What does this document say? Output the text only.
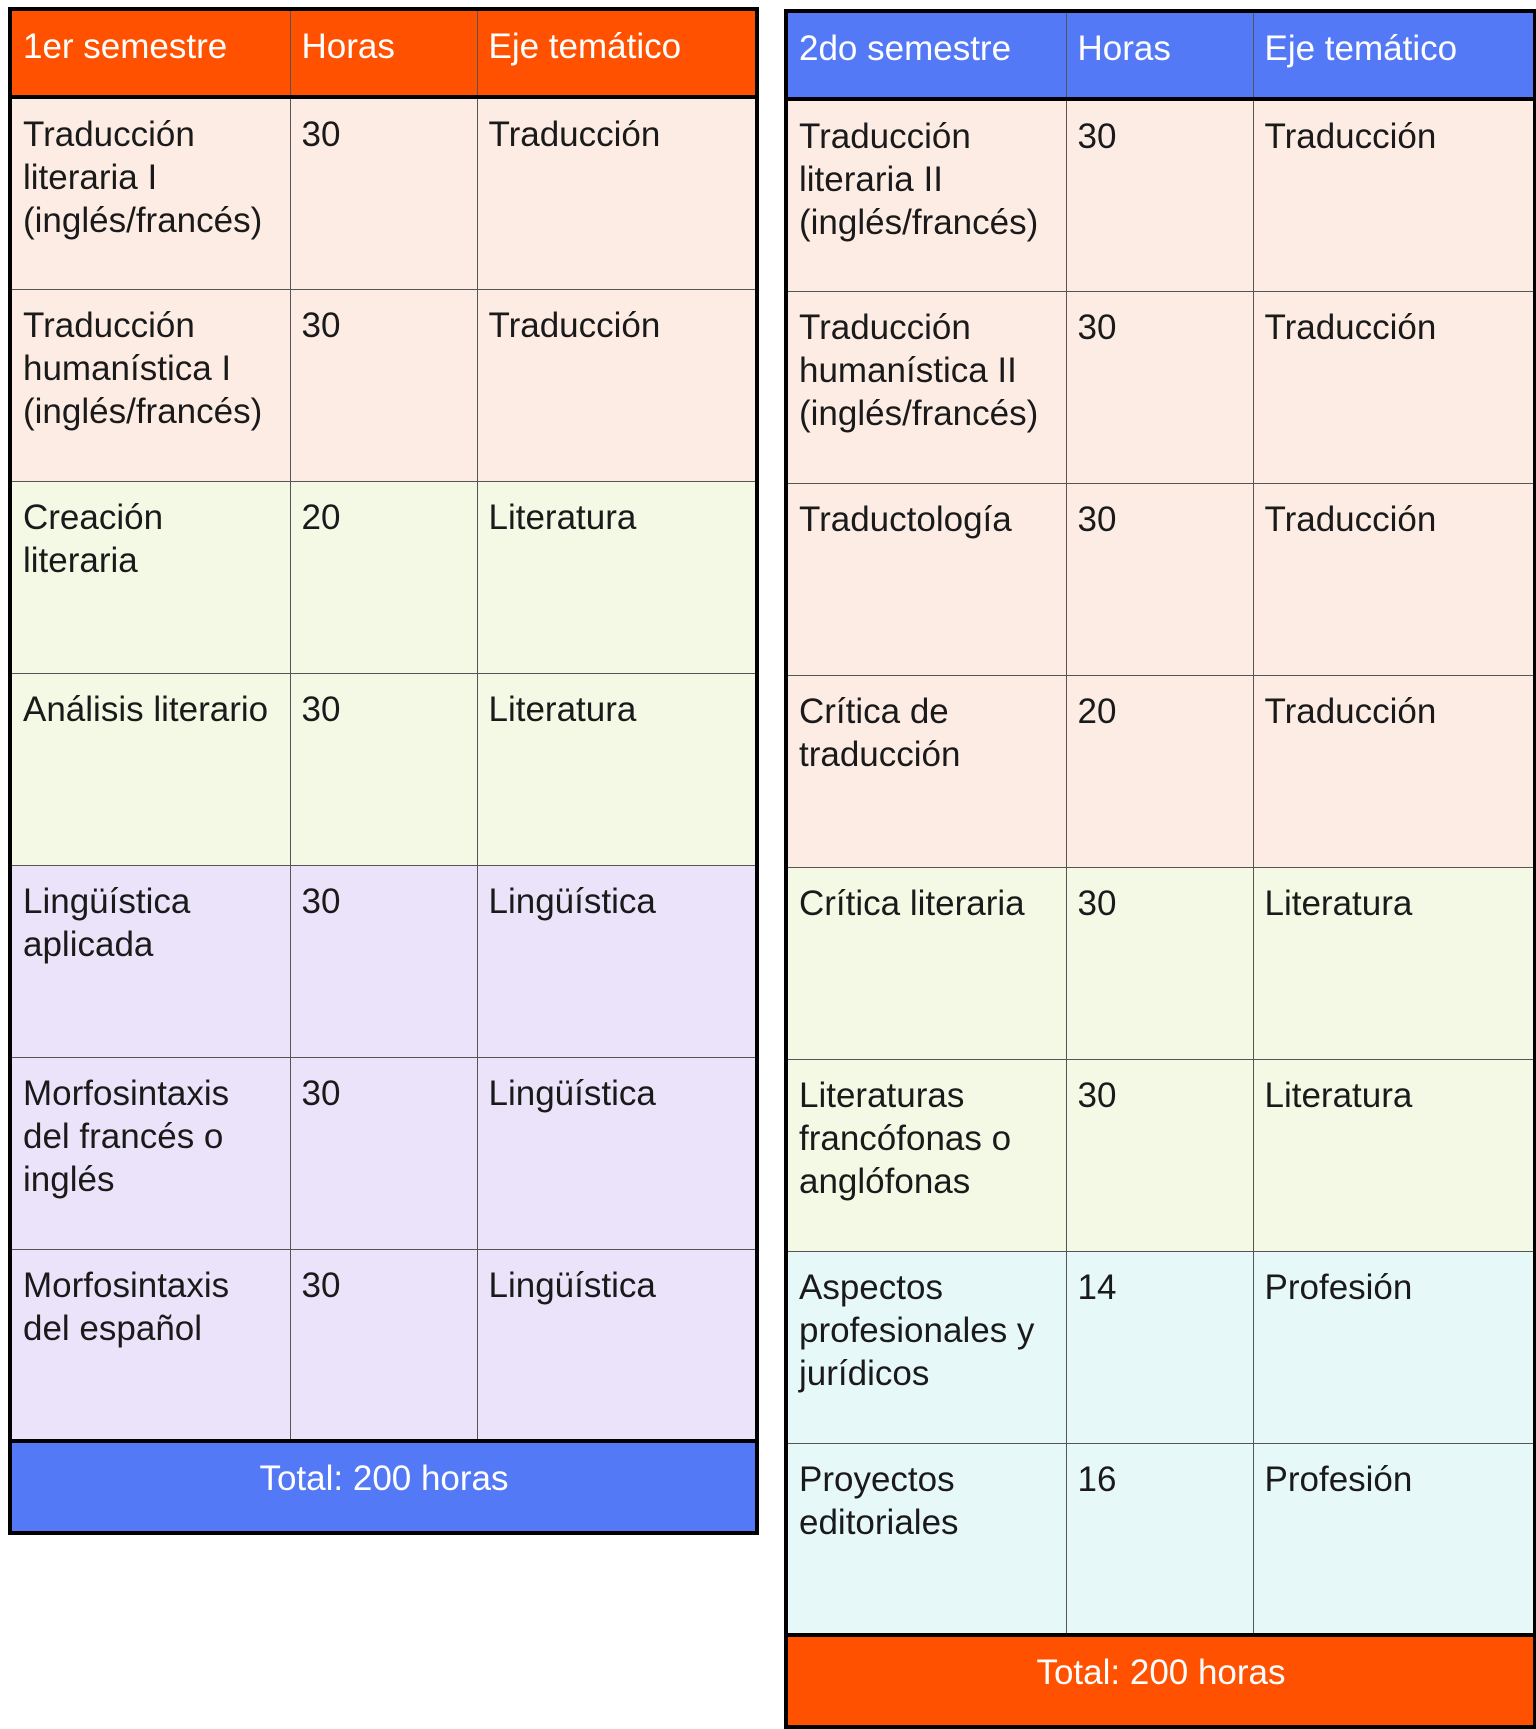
1er semestre	Horas	Eje temático
Traducción literaria I (inglés/francés)	30	Traducción
Traducción humanística I (inglés/francés)	30	Traducción
Creación literaria	20	Literatura
Análisis literario	30	Literatura
Lingüística aplicada	30	Lingüística
Morfosintaxis del francés o inglés	30	Lingüística
Morfosintaxis del español	30	Lingüística
Total: 200 horas		
2do semestre	Horas	Eje temático
Traducción literaria II (inglés/francés)	30	Traducción
Traducción humanística II (inglés/francés)	30	Traducción
Traductología	30	Traducción
Crítica de traducción	20	Traducción
Crítica literaria	30	Literatura
Literaturas francófonas o anglófonas	30	Literatura
Aspectos profesionales y jurídicos	14	Profesión
Proyectos editoriales	16	Profesión
Total: 200 horas		
